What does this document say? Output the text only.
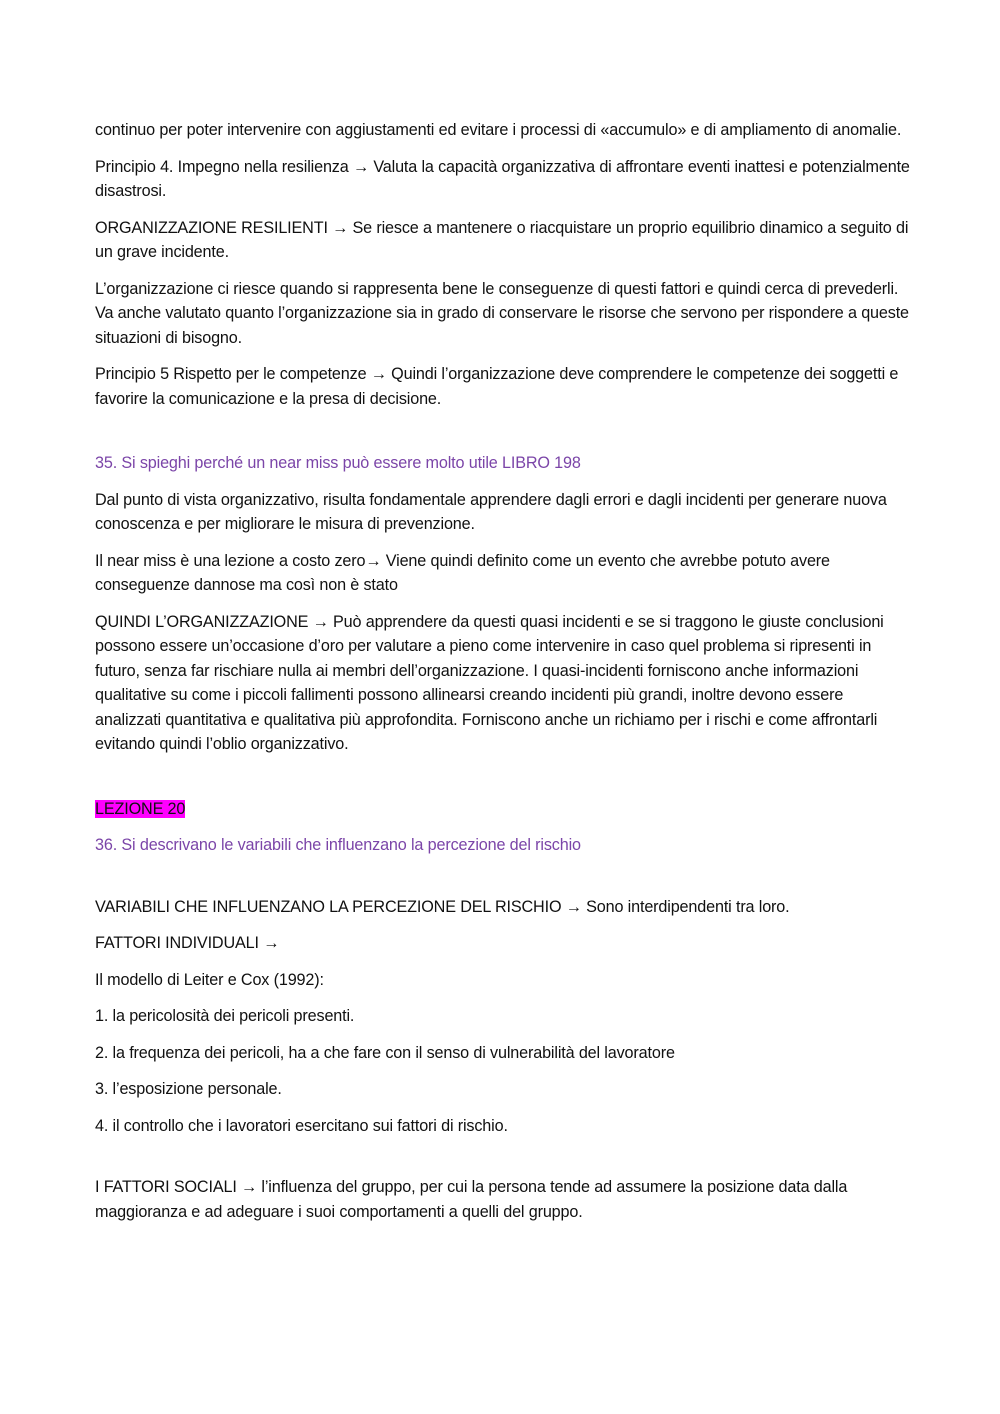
continuo per poter intervenire con aggiustamenti ed evitare i processi di «accumulo» e di ampliamento di anomalie.

Principio 4. Impegno nella resilienza → Valuta la capacità organizzativa di affrontare eventi inattesi e potenzialmente disastrosi.

ORGANIZZAZIONE RESILIENTI → Se riesce a mantenere o riacquistare un proprio equilibrio dinamico a seguito di un grave incidente.

L’organizzazione ci riesce quando si rappresenta bene le conseguenze di questi fattori e quindi cerca di prevederli. Va anche valutato quanto l’organizzazione sia in grado di conservare le risorse che servono per rispondere a queste situazioni di bisogno.

Principio 5 Rispetto per le competenze → Quindi l’organizzazione deve comprendere le competenze dei soggetti e favorire la comunicazione e la presa di decisione.

35. Si spieghi perché un near miss può essere molto utile LIBRO 198

Dal punto di vista organizzativo, risulta fondamentale apprendere dagli errori e dagli incidenti per generare nuova conoscenza e per migliorare le misura di prevenzione.

Il near miss è una lezione a costo zero→ Viene quindi definito come un evento che avrebbe potuto avere conseguenze dannose ma così non è stato

QUINDI L’ORGANIZZAZIONE → Può apprendere da questi quasi incidenti e se si traggono le giuste conclusioni possono essere un’occasione d’oro per valutare a pieno come intervenire in caso quel problema si ripresenti in futuro, senza far rischiare nulla ai membri dell’organizzazione. I quasi-incidenti forniscono anche informazioni qualitative su come i piccoli fallimenti possono allinearsi creando incidenti più grandi, inoltre devono essere analizzati quantitativa e qualitativa più approfondita. Forniscono anche un richiamo per i rischi e come affrontarli evitando quindi l’oblio organizzativo.

LEZIONE 20

36. Si descrivano le variabili che influenzano la percezione del rischio

VARIABILI CHE INFLUENZANO LA PERCEZIONE DEL RISCHIO → Sono interdipendenti tra loro.

FATTORI INDIVIDUALI →

Il modello di Leiter e Cox (1992):

1. la pericolosità dei pericoli presenti.

2. la frequenza dei pericoli, ha a che fare con il senso di vulnerabilità del lavoratore

3. l’esposizione personale.

4. il controllo che i lavoratori esercitano sui fattori di rischio.

I FATTORI SOCIALI → l’influenza del gruppo, per cui la persona tende ad assumere la posizione data dalla maggioranza e ad adeguare i suoi comportamenti a quelli del gruppo.
